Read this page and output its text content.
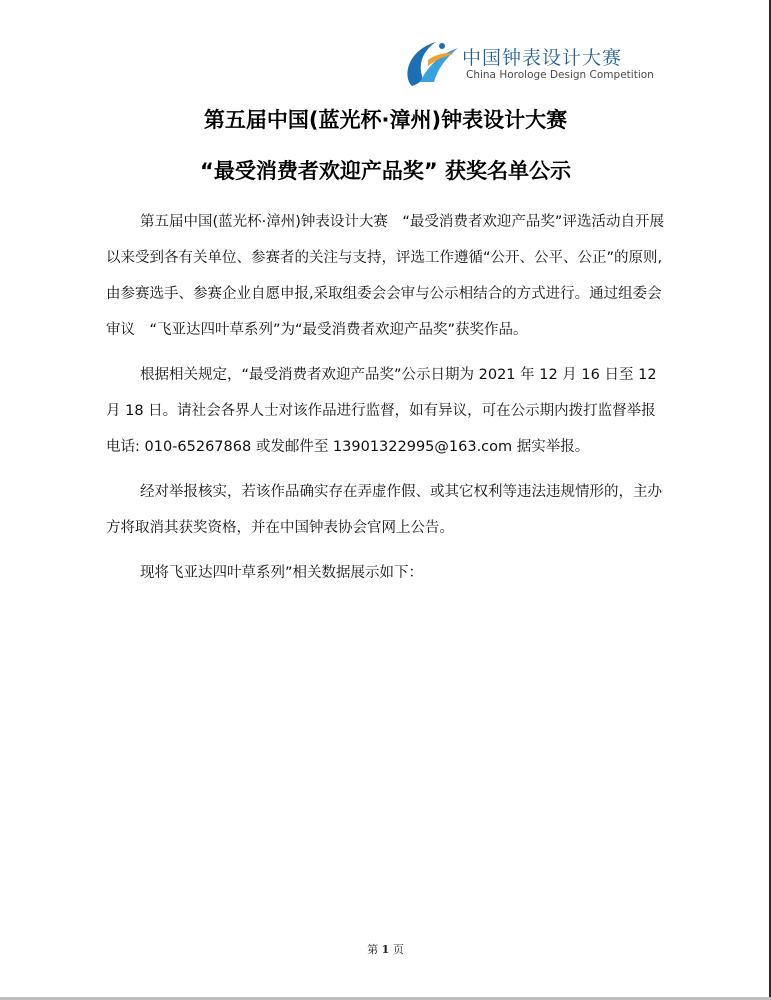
中国钟表设计大赛
China Horologe Design Competition
第五届中国(蓝光杯·漳州)钟表设计大赛
“最受消费者欢迎产品奖” 获奖名单公示

第五届中国(蓝光杯·漳州)钟表设计大赛　“最受消费者欢迎产品奖”评选活动自开展以来受到各有关单位、参赛者的关注与支持，评选工作遵循“公开、公平、公正”的原则,由参赛选手、参赛企业自愿申报,采取组委会会审与公示相结合的方式进行。通过组委会审议　“飞亚达四叶草系列”为“最受消费者欢迎产品奖”获奖作品。

根据相关规定，“最受消费者欢迎产品奖”公示日期为 2021 年 12 月 16 日至 12 月 18 日。请社会各界人士对该作品进行监督，如有异议，可在公示期内拨打监督举报电话: 010-65267868 或发邮件至 13901322995@163.com 据实举报。

经对举报核实，若该作品确实存在弄虚作假、或其它权利等违法违规情形的，主办方将取消其获奖资格，并在中国钟表协会官网上公告。

现将飞亚达四叶草系列”相关数据展示如下：

第 1 页
